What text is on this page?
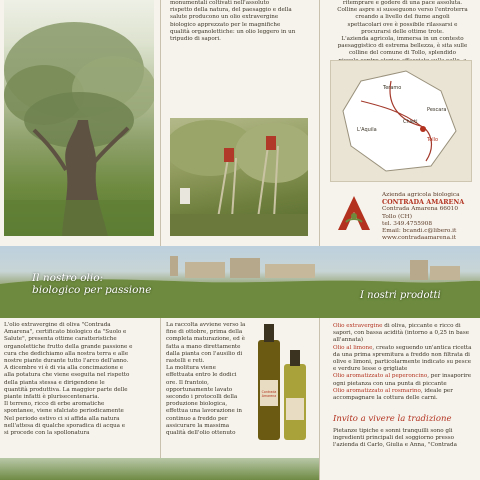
monumentali coltivati nell'assoluto
rispetto della natura, del paesaggio e della
salute producono un olio extravergine
biologico apprezzato per le magnifiche
qualità organolettiche: un olio leggero in un
tripudio di sapori.
ritemprare e godere di una pace assoluta.
Colline aspre si susseguono verso l'entroterra
creando a livello del fiume angoli
spettacolari ove è possibile rilassarsi e
procurarsi delle ottime trote.
L'azienda agricola, immersa in un contesto
paesaggistico di estrema bellezza, è sita sulle
colline del comune di Tollo, splendido
Teramo
Pescara
Chieti
L'Aquila
Tollo
Azienda agricola biologica
CONTRADA AMARENA
Contrada Amarena 66010 Tollo (CH)
tel. 349.4755908
Email: bcandi.c@libero.it
www.contradaamarena.it
Il nostro olio:
biologico per passione	I nostri prodotti
L'olio extravergine di oliva "Contrada
Amarena", certificato biologico da "Suolo e
Salute", presenta ottime caratteristiche
organolettiche frutto della grande passione e
cura che dedichiamo alla nostra terra e alle
nostre piante durante tutto l'arco dell'anno.
A dicembre vi è di via alla concimazione e
alla potatura che viene eseguita nel rispetto
della pianta stessa e dirigendone le
quantità produttiva. La maggior parte delle
piante infatti è plurisecentenaria.
Il terreno, ricco di erbe aromatiche
spontanee, viene sfalciato periodicamente
Nel periodo estivo ci si affida alla natura
nell'attesa di qualche sporadica di acqua e
si procede con la spollonatura
La raccolta avviene verso la
fine di ottobre, prima della
completa maturazione, ed è
fatta a mano direttamente
dalla pianta con l'ausilio di
rastelli e reti.
La molitura viene
effettuata entro le dodici
ore. Il frantoio,
opportunamente lavato
secondo i protocolli della
produzione biologica,
effettua una lavorazione in
continuo a freddo per
assicurare la massima
qualità dell'olio ottenuto
Contrada Amarena
Olio extravergine di oliva, piccante e ricco di sapori, con bassa acidità (intorno a 0,25 in base all'annata)
Olio al limone, creato seguendo un'antica ricetta da una prima spremitura a freddo non filtrata di olive e limoni, particolarmente indicato su pesce e verdure lesse o grigliate
Olio aromatizzato al peperoncino, per insaporire ogni pietanza con una punta di piccante
Olio aromatizzato al rosmarino, ideale per accompagnare la cottura delle carni.
Invito a vivere la tradizione
Pietanze tipiche e sonni tranquilli sono gli
ingredienti principali del soggiorno presso
l'azienda di Carlo, Giulia e Anna, "Contrada
